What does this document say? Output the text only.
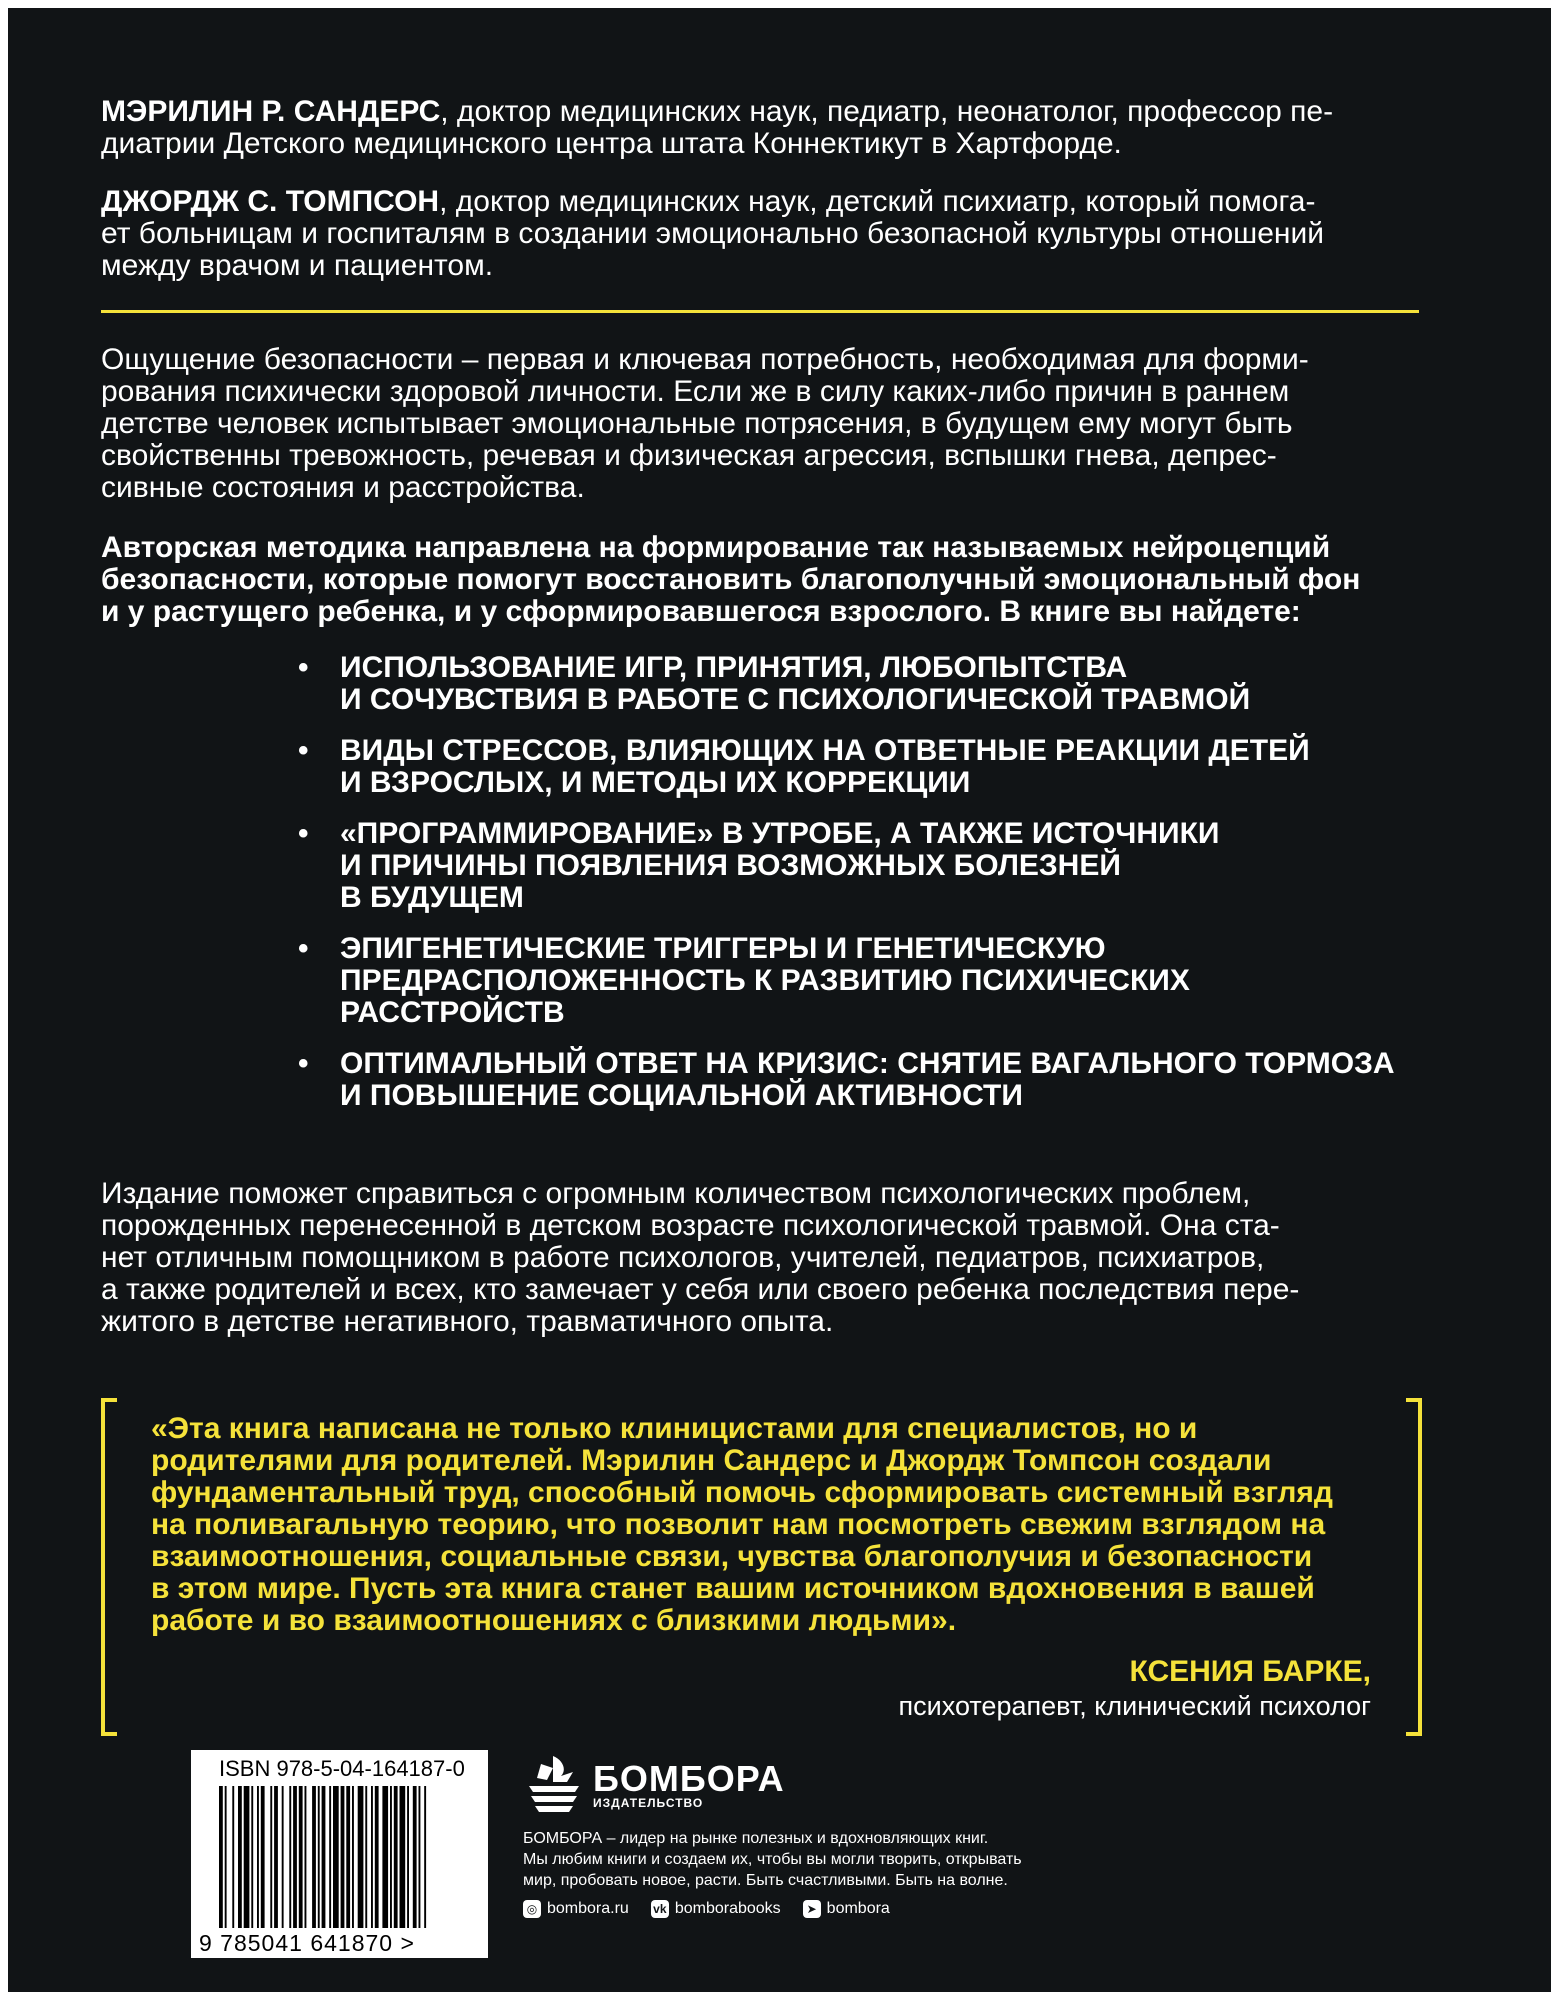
МЭРИЛИН Р. САНДЕРС, доктор медицинских наук, педиатр, неонатолог, профессор пе-
диатрии Детского медицинского центра штата Коннектикут в Хартфорде.
ДЖОРДЖ С. ТОМПСОН, доктор медицинских наук, детский психиатр, который помога-
ет больницам и госпиталям в создании эмоционально безопасной культуры отношений
между врачом и пациентом.
Ощущение безопасности – первая и ключевая потребность, необходимая для форми-
рования психически здоровой личности. Если же в силу каких-либо причин в раннем
детстве человек испытывает эмоциональные потрясения, в будущем ему могут быть
свойственны тревожность, речевая и физическая агрессия, вспышки гнева, депрес-
сивные состояния и расстройства.
Авторская методика направлена на формирование так называемых нейроцепций
безопасности, которые помогут восстановить благополучный эмоциональный фон
и у растущего ребенка, и у сформировавшегося взрослого. В книге вы найдете:
• ИСПОЛЬЗОВАНИЕ ИГР, ПРИНЯТИЯ, ЛЮБОПЫТСТВА
И СОЧУВСТВИЯ В РАБОТЕ С ПСИХОЛОГИЧЕСКОЙ ТРАВМОЙ
• ВИДЫ СТРЕССОВ, ВЛИЯЮЩИХ НА ОТВЕТНЫЕ РЕАКЦИИ ДЕТЕЙ
И ВЗРОСЛЫХ, И МЕТОДЫ ИХ КОРРЕКЦИИ
• «ПРОГРАММИРОВАНИЕ» В УТРОБЕ, А ТАКЖЕ ИСТОЧНИКИ
И ПРИЧИНЫ ПОЯВЛЕНИЯ ВОЗМОЖНЫХ БОЛЕЗНЕЙ
В БУДУЩЕМ
• ЭПИГЕНЕТИЧЕСКИЕ ТРИГГЕРЫ И ГЕНЕТИЧЕСКУЮ
ПРЕДРАСПОЛОЖЕННОСТЬ К РАЗВИТИЮ ПСИХИЧЕСКИХ
РАССТРОЙСТВ
• ОПТИМАЛЬНЫЙ ОТВЕТ НА КРИЗИС: СНЯТИЕ ВАГАЛЬНОГО ТОРМОЗА
И ПОВЫШЕНИЕ СОЦИАЛЬНОЙ АКТИВНОСТИ
Издание поможет справиться с огромным количеством психологических проблем,
порожденных перенесенной в детском возрасте психологической травмой. Она ста-
нет отличным помощником в работе психологов, учителей, педиатров, психиатров,
а также родителей и всех, кто замечает у себя или своего ребенка последствия пере-
житого в детстве негативного, травматичного опыта.
«Эта книга написана не только клиницистами для специалистов, но и
родителями для родителей. Мэрилин Сандерс и Джордж Томпсон создали
фундаментальный труд, способный помочь сформировать системный взгляд
на поливагальную теорию, что позволит нам посмотреть свежим взглядом на
взаимоотношения, социальные связи, чувства благополучия и безопасности
в этом мире. Пусть эта книга станет вашим источником вдохновения в вашей
работе и во взаимоотношениях с близкими людьми».
КСЕНИЯ БАРКЕ,
психотерапевт, клинический психолог
ISBN 978-5-04-164187-0
9 785041 641870 >
БОМБОРА
ИЗДАТЕЛЬСТВО
БОМБОРА – лидер на рынке полезных и вдохновляющих книг.
Мы любим книги и создаем их, чтобы вы могли творить, открывать
мир, пробовать новое, расти. Быть счастливыми. Быть на волне.
◎ bombora.ru vk bomborabooks	➤ bombora
